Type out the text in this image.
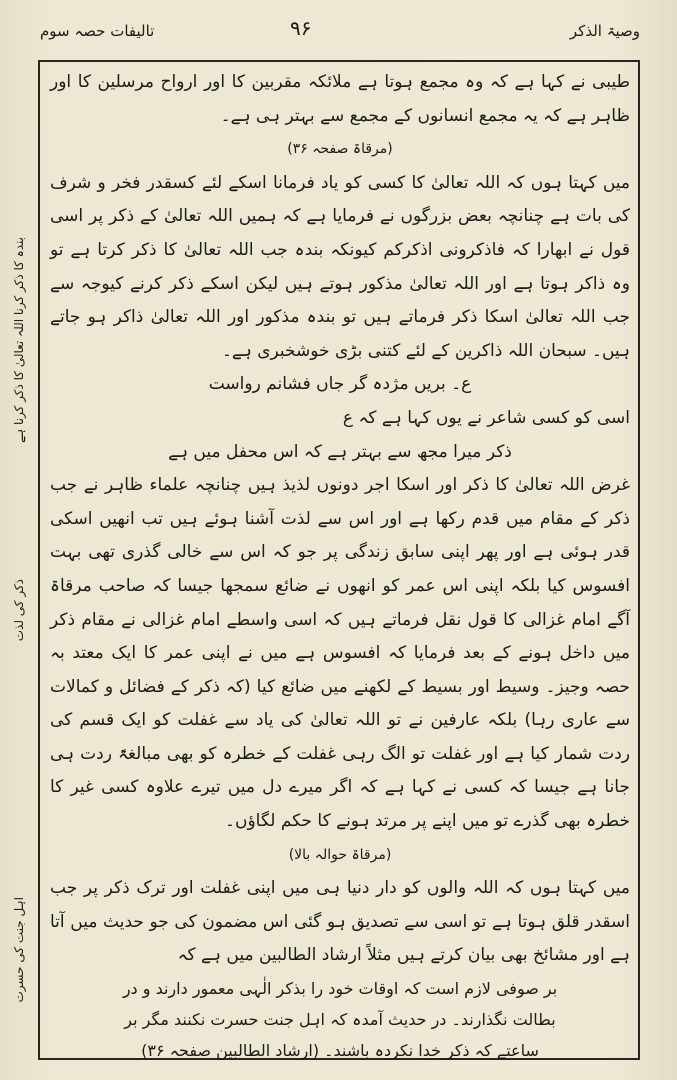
تالیفات حصہ سوم	۹۶	وصیۃ الذکر
بندہ کا ذکر کرنا اللہ تعالیٰ کا ذکر کرنا ہے
ذکر کی لذت
اہل جنت کی حسرت

طیبی نے کہا ہے کہ وہ مجمع ہوتا ہے ملائکہ مقربین کا اور ارواح مرسلین کا اور ظاہر ہے کہ یہ مجمع انسانوں کے مجمع سے بہتر ہی ہے۔

(مرقاۃ صفحہ ۳۶)

میں کہتا ہوں کہ اللہ تعالیٰ کا کسی کو یاد فرمانا اسکے لئے کسقدر فخر و شرف کی بات ہے چنانچہ بعض بزرگوں نے فرمایا ہے کہ ہمیں اللہ تعالیٰ کے ذکر پر اسی قول نے ابھارا کہ فاذکرونی اذکرکم کیونکہ بندہ جب اللہ تعالیٰ کا ذکر کرتا ہے تو وہ ذاکر ہوتا ہے اور اللہ تعالیٰ مذکور ہوتے ہیں لیکن اسکے ذکر کرنے کیوجہ سے جب اللہ تعالیٰ اسکا ذکر فرماتے ہیں تو بندہ مذکور اور اللہ تعالیٰ ذاکر ہو جاتے ہیں۔ سبحان اللہ ذاکرین کے لئے کتنی بڑی خوشخبری ہے۔

ع۔ بریں مژدہ گر جاں فشانم رواست

اسی کو کسی شاعر نے یوں کہا ہے کہ ع

ذکر میرا مجھ سے بہتر ہے کہ اس محفل میں ہے

غرض اللہ تعالیٰ کا ذکر اور اسکا اجر دونوں لذیذ ہیں چنانچہ علماء ظاہر نے جب ذکر کے مقام میں قدم رکھا ہے اور اس سے لذت آشنا ہوئے ہیں تب انھیں اسکی قدر ہوئی ہے اور پھر اپنی سابق زندگی پر جو کہ اس سے خالی گذری تھی بہت افسوس کیا بلکہ اپنی اس عمر کو انھوں نے ضائع سمجھا جیسا کہ صاحب مرقاۃ آگے امام غزالی کا قول نقل فرماتے ہیں کہ اسی واسطے امام غزالی نے مقام ذکر میں داخل ہونے کے بعد فرمایا کہ افسوس ہے میں نے اپنی عمر کا ایک معتد بہ حصہ وجیز۔ وسیط اور بسیط کے لکھنے میں ضائع کیا (کہ ذکر کے فضائل و کمالات سے عاری رہا) بلکہ عارفین نے تو اللہ تعالیٰ کی یاد سے غفلت کو ایک قسم کی ردت شمار کیا ہے اور غفلت تو الگ رہی غفلت کے خطرہ کو بھی مبالغۃً ردت ہی جانا ہے جیسا کہ کسی نے کہا ہے کہ اگر میرے دل میں تیرے علاوہ کسی غیر کا خطرہ بھی گذرے تو میں اپنے پر مرتد ہونے کا حکم لگاؤں۔

(مرقاۃ حوالہ بالا)

میں کہتا ہوں کہ اللہ والوں کو دار دنیا ہی میں اپنی غفلت اور ترک ذکر پر جب اسقدر قلق ہوتا ہے تو اسی سے تصدیق ہو گئی اس مضمون کی جو حدیث میں آتا ہے اور مشائخ بھی بیان کرتے ہیں مثلاً ارشاد الطالبین میں ہے کہ

بر صوفی لازم است کہ اوقات خود را بذکر الٰہی معمور دارند و در بطالت نگذارند۔ در حدیث آمدہ کہ اہل جنت حسرت نکنند مگر بر ساعتے کہ ذکر خدا نکردہ باشند۔ (ارشاد الطالبین صفحہ ۳۶)
